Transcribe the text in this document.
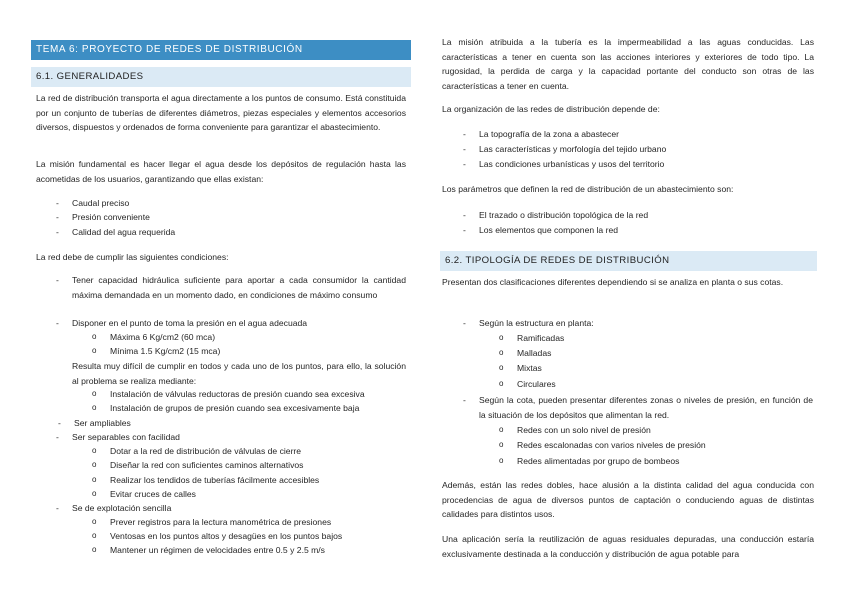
TEMA 6: PROYECTO DE REDES DE DISTRIBUCIÓN
6.1. GENERALIDADES

La red de distribución transporta el agua directamente a los puntos de consumo. Está constituida por un conjunto de tuberías de diferentes diámetros, piezas especiales y elementos accesorios diversos, dispuestos y ordenados de forma conveniente para garantizar el abastecimiento.

La misión fundamental es hacer llegar el agua desde los depósitos de regulación hasta las acometidas de los usuarios, garantizando que ellas existan:

- Caudal preciso
- Presión conveniente
- Calidad del agua requerida

La red debe de cumplir las siguientes condiciones:

- Tener capacidad hidráulica suficiente para aportar a cada consumidor la cantidad máxima demandada en un momento dado, en condiciones de máximo consumo
- Disponer en el punto de toma la presión en el agua adecuada
o Máxima 6 Kg/cm2 (60 mca)
o Mínima 1.5 Kg/cm2 (15 mca)
Resulta muy difícil de cumplir en todos y cada uno de los puntos, para ello, la solución al problema se realiza mediante:
o Instalación de válvulas reductoras de presión cuando sea excesiva
o Instalación de grupos de presión cuando sea excesivamente baja
- Ser ampliables
- Ser separables con facilidad
o Dotar a la red de distribución de válvulas de cierre
o Diseñar la red con suficientes caminos alternativos
o Realizar los tendidos de tuberías fácilmente accesibles
o Evitar cruces de calles
- Se de explotación sencilla
o Prever registros para la lectura manométrica de presiones
o Ventosas en los puntos altos y desagües en los puntos bajos
o Mantener un régimen de velocidades entre 0.5 y 2.5 m/s

La misión atribuida a la tubería es la impermeabilidad a las aguas conducidas. Las características a tener en cuenta son las acciones interiores y exteriores de todo tipo. La rugosidad, la perdida de carga y la capacidad portante del conducto son otras de las características a tener en cuenta.

La organización de las redes de distribución depende de:

- La topografía de la zona a abastecer
- Las características y morfología del tejido urbano
- Las condiciones urbanísticas y usos del territorio

Los parámetros que definen la red de distribución de un abastecimiento son:

- El trazado o distribución topológica de la red
- Los elementos que componen la red
6.2. TIPOLOGÍA DE REDES DE DISTRIBUCIÓN

Presentan dos clasificaciones diferentes dependiendo si se analiza en planta o sus cotas.

- Según la estructura en planta:
o Ramificadas
o Malladas
o Mixtas
o Circulares
- Según la cota, pueden presentar diferentes zonas o niveles de presión, en función de la situación de los depósitos que alimentan la red.
o Redes con un solo nivel de presión
o Redes escalonadas con varios niveles de presión
o Redes alimentadas por grupo de bombeos

Además, están las redes dobles, hace alusión a la distinta calidad del agua conducida con procedencias de agua de diversos puntos de captación o conduciendo aguas de distintas calidades para distintos usos.

Una aplicación sería la reutilización de aguas residuales depuradas, una conducción estaría exclusivamente destinada a la conducción y distribución de agua potable para
